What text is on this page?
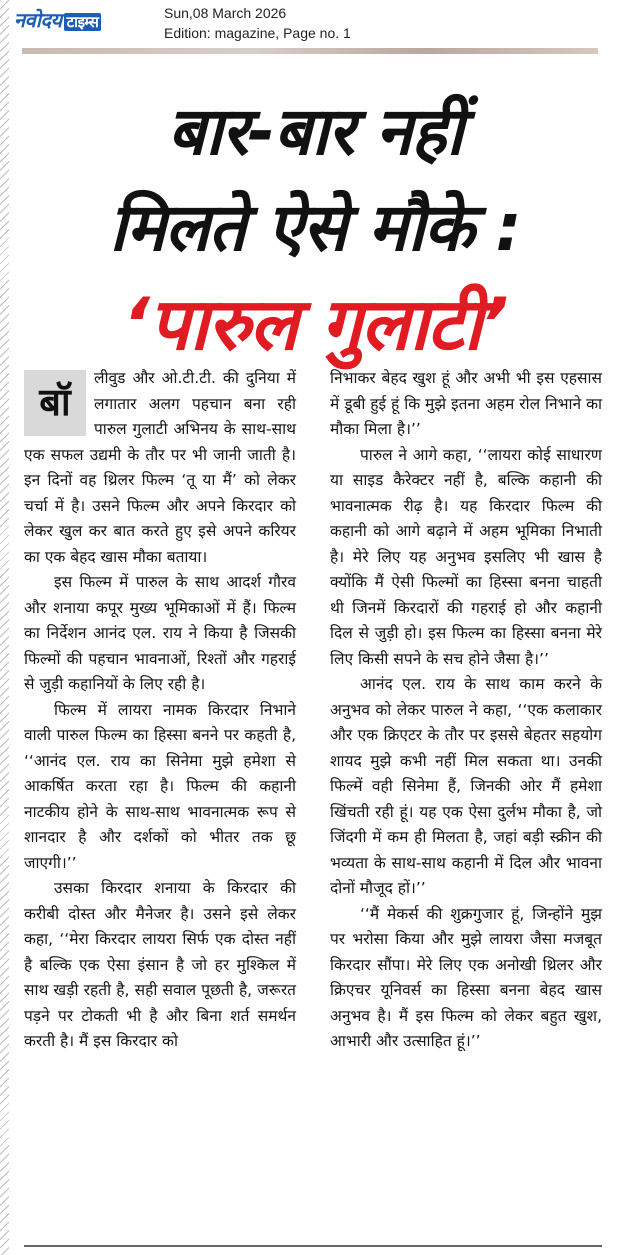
नवोदय टाइम्स	Sun,08 March 2026
Edition: magazine, Page no. 1
बार-बार नहीं
मिलते ऐसे मौके :
‘पारुल गुलाटी’
बॉ

लीवुड और ओ.टी.टी. की दुनिया में लगातार अलग पहचान बना रही पारुल गुलाटी अभिनय के साथ-साथ एक सफल उद्यमी के तौर पर भी जानी जाती है। इन दिनों वह थ्रिलर फिल्म ‘तू या मैं’ को लेकर चर्चा में है। उसने फिल्म और अपने किरदार को लेकर खुल कर बात करते हुए इसे अपने करियर का एक बेहद खास मौका बताया।

इस फिल्म में पारुल के साथ आदर्श गौरव और शनाया कपूर मुख्य भूमिकाओं में हैं। फिल्म का निर्देशन आनंद एल. राय ने किया है जिसकी फिल्मों की पहचान भावनाओं, रिश्तों और गहराई से जुड़ी कहानियों के लिए रही है।

फिल्म में लायरा नामक किरदार निभाने वाली पारुल फिल्म का हिस्सा बनने पर कहती है, ‘‘आनंद एल. राय का सिनेमा मुझे हमेशा से आकर्षित करता रहा है। फिल्म की कहानी नाटकीय होने के साथ-साथ भावनात्मक रूप से शानदार है और दर्शकों को भीतर तक छू जाएगी।’’

उसका किरदार शनाया के किरदार की करीबी दोस्त और मैनेजर है। उसने इसे लेकर कहा, ‘‘मेरा किरदार लायरा सिर्फ एक दोस्त नहीं है बल्कि एक ऐसा इंसान है जो हर मुश्किल में साथ खड़ी रहती है, सही सवाल पूछती है, जरूरत पड़ने पर टोकती भी है और बिना शर्त समर्थन करती है। मैं इस किरदार को

निभाकर बेहद खुश हूं और अभी भी इस एहसास में डूबी हुई हूं कि मुझे इतना अहम रोल निभाने का मौका मिला है।’’

पारुल ने आगे कहा, ‘‘लायरा कोई साधारण या साइड कैरेक्टर नहीं है, बल्कि कहानी की भावनात्मक रीढ़ है। यह किरदार फिल्म की कहानी को आगे बढ़ाने में अहम भूमिका निभाती है। मेरे लिए यह अनुभव इसलिए भी खास है क्योंकि मैं ऐसी फिल्मों का हिस्सा बनना चाहती थी जिनमें किरदारों की गहराई हो और कहानी दिल से जुड़ी हो। इस फिल्म का हिस्सा बनना मेरे लिए किसी सपने के सच होने जैसा है।’’

आनंद एल. राय के साथ काम करने के अनुभव को लेकर पारुल ने कहा, ‘‘एक कलाकार और एक क्रिएटर के तौर पर इससे बेहतर सहयोग शायद मुझे कभी नहीं मिल सकता था। उनकी फिल्में वही सिनेमा हैं, जिनकी ओर मैं हमेशा खिंचती रही हूं। यह एक ऐसा दुर्लभ मौका है, जो जिंदगी में कम ही मिलता है, जहां बड़ी स्क्रीन की भव्यता के साथ-साथ कहानी में दिल और भावना दोनों मौजूद हों।’’

‘‘मैं मेकर्स की शुक्रगुजार हूं, जिन्होंने मुझ पर भरोसा किया और मुझे लायरा जैसा मजबूत किरदार सौंपा। मेरे लिए एक अनोखी थ्रिलर और क्रिएचर यूनिवर्स का हिस्सा बनना बेहद खास अनुभव है। मैं इस फिल्म को लेकर बहुत खुश, आभारी और उत्साहित हूं।’’
